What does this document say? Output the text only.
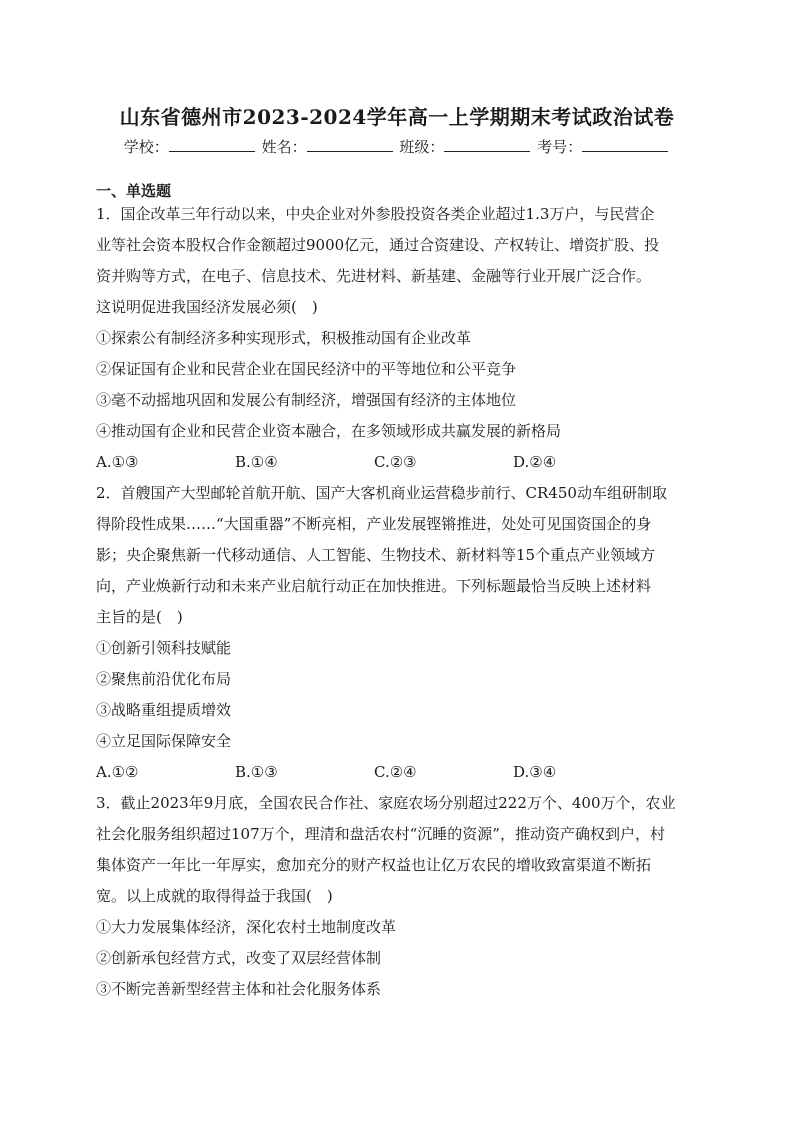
山东省德州市2023-2024学年高一上学期期末考试政治试卷
学校：	姓名：	班级：	考号：
一、单选题
1．国企改革三年行动以来，中央企业对外参股投资各类企业超过1.3万户，与民营企
业等社会资本股权合作金额超过9000亿元，通过合资建设、产权转让、增资扩股、投
资并购等方式，在电子、信息技术、先进材料、新基建、金融等行业开展广泛合作。
这说明促进我国经济发展必须(　)
①探索公有制经济多种实现形式，积极推动国有企业改革
②保证国有企业和民营企业在国民经济中的平等地位和公平竞争
③毫不动摇地巩固和发展公有制经济，增强国有经济的主体地位
④推动国有企业和民营企业资本融合，在多领域形成共赢发展的新格局
A.①③	B.①④	C.②③	D.②④
2．首艘国产大型邮轮首航开航、国产大客机商业运营稳步前行、CR450动车组研制取
得阶段性成果……“大国重器”不断亮相，产业发展铿锵推进，处处可见国资国企的身
影；央企聚焦新一代移动通信、人工智能、生物技术、新材料等15个重点产业领域方
向，产业焕新行动和未来产业启航行动正在加快推进。下列标题最恰当反映上述材料
主旨的是(　)
①创新引领科技赋能
②聚焦前沿优化布局
③战略重组提质增效
④立足国际保障安全
A.①②	B.①③	C.②④	D.③④
3．截止2023年9月底，全国农民合作社、家庭农场分别超过222万个、400万个，农业
社会化服务组织超过107万个，理清和盘活农村“沉睡的资源”，推动资产确权到户，村
集体资产一年比一年厚实，愈加充分的财产权益也让亿万农民的增收致富渠道不断拓
宽。以上成就的取得得益于我国(　)
①大力发展集体经济，深化农村土地制度改革
②创新承包经营方式，改变了双层经营体制
③不断完善新型经营主体和社会化服务体系
